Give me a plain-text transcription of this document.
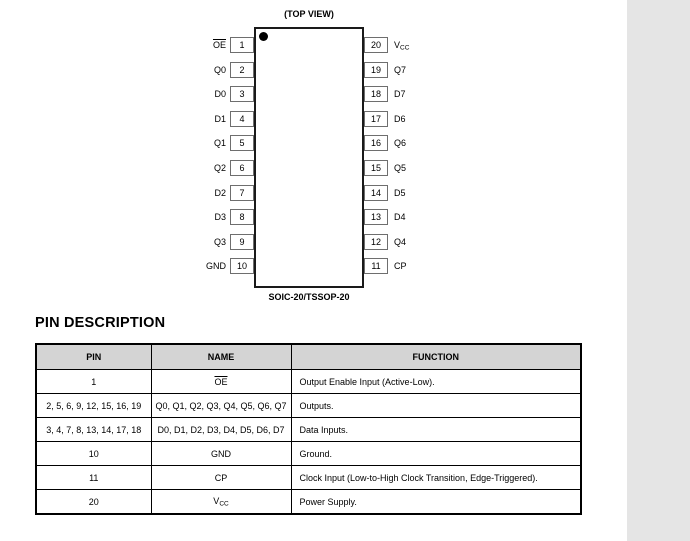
(TOP VIEW)
1
$\overline{OE}$
2
Q0
3
D0
4
D1
5
Q1
6
Q2
7
D2
8
D3
9
Q3
10
GND
20	VCC
19	Q7
18	D7
17	D6
16	Q6
15	Q5
14	D5
13	D4
12	Q4
11	CP
SOIC-20/TSSOP-20
PIN DESCRIPTION
PIN	NAME	FUNCTION
1	$\overline{OE}$	Output Enable Input (Active-Low).
2, 5, 6, 9, 12, 15, 16, 19	Q0, Q1, Q2, Q3, Q4, Q5, Q6, Q7	Outputs.
3, 4, 7, 8, 13, 14, 17, 18	D0, D1, D2, D3, D4, D5, D6, D7	Data Inputs.
10	GND	Ground.
11	CP	Clock Input (Low-to-High Clock Transition, Edge-Triggered).
20	VCC	Power Supply.
